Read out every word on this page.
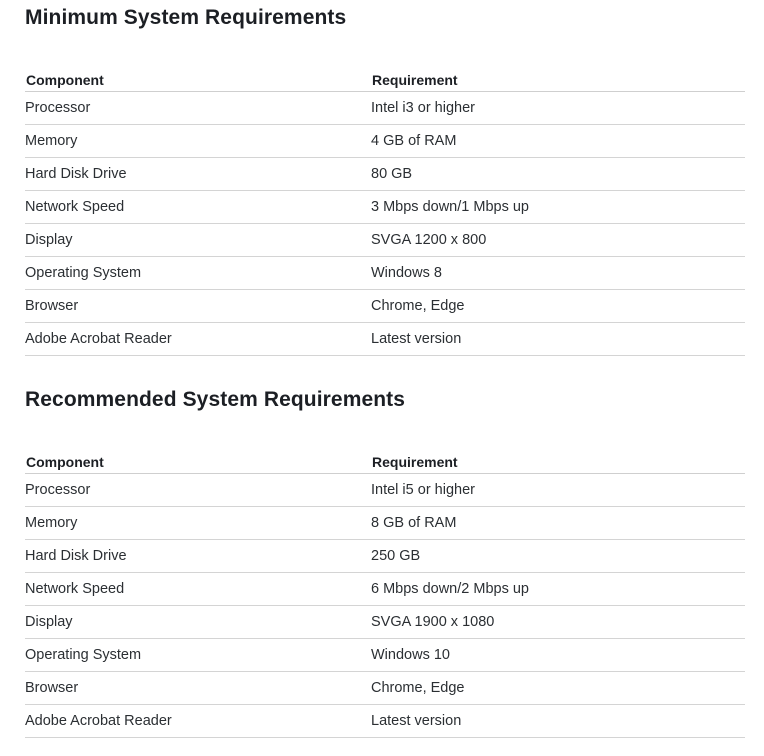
Minimum System Requirements
Component	Requirement
Processor	Intel i3 or higher
Memory	4 GB of RAM
Hard Disk Drive	80 GB
Network Speed	3 Mbps down/1 Mbps up
Display	SVGA 1200 x 800
Operating System	Windows 8
Browser	Chrome, Edge
Adobe Acrobat Reader	Latest version
Recommended System Requirements
Component	Requirement
Processor	Intel i5 or higher
Memory	8 GB of RAM
Hard Disk Drive	250 GB
Network Speed	6 Mbps down/2 Mbps up
Display	SVGA 1900 x 1080
Operating System	Windows 10
Browser	Chrome, Edge
Adobe Acrobat Reader	Latest version
